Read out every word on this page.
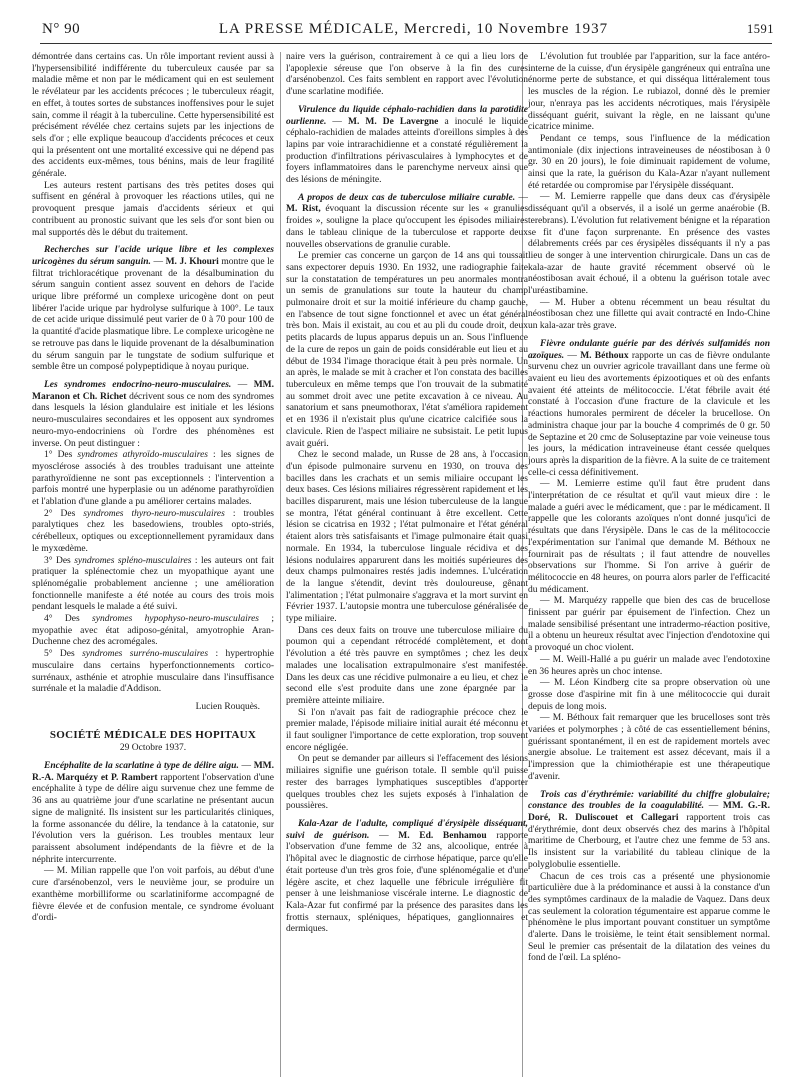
N° 90	LA PRESSE MÉDICALE, Mercredi, 10 Novembre 1937	1591

démontrée dans certains cas. Un rôle important revient aussi à l'hypersensibilité indifférente du tuberculeux causée par sa maladie même et non par le médicament qui en est seulement le révélateur par les accidents précoces ; le tuberculeux réagit, en effet, à toutes sortes de substances inoffensives pour le sujet sain, comme il réagit à la tuberculine. Cette hypersensibilité est précisément révélée chez certains sujets par les injections de sels d'or ; elle explique beaucoup d'accidents précoces et ceux qui la présentent ont une mortalité excessive qui ne dépend pas des accidents eux-mêmes, tous bénins, mais de leur fragilité générale.

Les auteurs restent partisans des très petites doses qui suffisent en général à provoquer les réactions utiles, qui ne provoquent presque jamais d'accidents sérieux et qui contribuent au pronostic suivant que les sels d'or sont bien ou mal supportés dès le début du traitement.

Recherches sur l'acide urique libre et les complexes uricogènes du sérum sanguin. — M. J. Khouri montre que le filtrat trichloracétique provenant de la désalbumination du sérum sanguin contient assez souvent en dehors de l'acide urique libre préformé un complexe uricogène dont on peut libérer l'acide urique par hydrolyse sulfurique à 100°. Le taux de cet acide urique dissimulé peut varier de 0 à 70 pour 100 de la quantité d'acide plasmatique libre. Le complexe uricogène ne se retrouve pas dans le liquide provenant de la désalbumination du sérum sanguin par le tungstate de sodium sulfurique et semble être un composé polypeptidique à noyau purique.

Les syndromes endocrino-neuro-musculaires. — MM. Maranon et Ch. Richet décrivent sous ce nom des syndromes dans lesquels la lésion glandulaire est initiale et les lésions neuro-musculaires secondaires et les opposent aux syndromes neuro-myo-endocriniens où l'ordre des phénomènes est inverse. On peut distinguer :

1° Des syndromes athyroïdo-musculaires : les signes de myosclérose associés à des troubles traduisant une atteinte parathyroïdienne ne sont pas exceptionnels : l'intervention a parfois montré une hyperplasie ou un adénome parathyroïdien et l'ablation d'une glande a pu améliorer certains malades.

2° Des syndromes thyro-neuro-musculaires : troubles paralytiques chez les basedowiens, troubles opto-striés, cérébelleux, optiques ou exceptionnellement pyramidaux dans le myxœdème.

3° Des syndromes spléno-musculaires : les auteurs ont fait pratiquer la splénectomie chez un myopathique ayant une splénomégalie probablement ancienne ; une amélioration fonctionnelle manifeste a été notée au cours des trois mois pendant lesquels le malade a été suivi.

4° Des syndromes hypophyso-neuro-musculaires ; myopathie avec état adiposo-génital, amyotrophie Aran-Duchenne chez des acromégales.

5° Des syndromes surréno-musculaires : hypertrophie musculaire dans certains hyperfonctionnements cortico-surrénaux, asthénie et atrophie musculaire dans l'insuffisance surrénale et la maladie d'Addison.

Lucien Rouquès.

SOCIÉTÉ MÉDICALE DES HOPITAUX
29 Octobre 1937.

Encéphalite de la scarlatine à type de délire aigu. — MM. R.-A. Marquézy et P. Rambert rapportent l'observation d'une encéphalite à type de délire aigu survenue chez une femme de 36 ans au quatrième jour d'une scarlatine ne présentant aucun signe de malignité. Ils insistent sur les particularités cliniques, la forme assonancée du délire, la tendance à la catatonie, sur l'évolution vers la guérison. Les troubles mentaux leur paraissent absolument indépendants de la fièvre et de la néphrite intercurrente.

— M. Milian rappelle que l'on voit parfois, au début d'une cure d'arsénobenzol, vers le neuvième jour, se produire un exanthème morbilliforme ou scarlatiniforme accompagné de fièvre élevée et de confusion mentale, ce syndrome évoluant d'ordi-

naire vers la guérison, contrairement à ce qui a lieu lors de l'apoplexie séreuse que l'on observe à la fin des cures d'arsénobenzol. Ces faits semblent en rapport avec l'évolution d'une scarlatine modifiée.

Virulence du liquide céphalo-rachidien dans la parotidite ourlienne. — M. M. De Lavergne a inoculé le liquide céphalo-rachidien de malades atteints d'oreillons simples à des lapins par voie intrarachidienne et a constaté régulièrement la production d'infiltrations périvasculaires à lymphocytes et de foyers inflammatoires dans le parenchyme nerveux ainsi que des lésions de méningite.

A propos de deux cas de tuberculose miliaire curable. — M. Rist, évoquant la discussion récente sur les « granulies froides », souligne la place qu'occupent les épisodes miliaires dans le tableau clinique de la tuberculose et rapporte deux nouvelles observations de granulie curable.

Le premier cas concerne un garçon de 14 ans qui toussait sans expectorer depuis 1930. En 1932, une radiographie faite sur la constatation de températures un peu anormales montra un semis de granulations sur toute la hauteur du champ pulmonaire droit et sur la moitié inférieure du champ gauche, en l'absence de tout signe fonctionnel et avec un état général très bon. Mais il existait, au cou et au pli du coude droit, deux petits placards de lupus apparus depuis un an. Sous l'influence de la cure de repos un gain de poids considérable eut lieu et au début de 1934 l'image thoracique était à peu près normale. Un an après, le malade se mit à cracher et l'on constata des bacilles tuberculeux en même temps que l'on trouvait de la submatité au sommet droit avec une petite excavation à ce niveau. Au sanatorium et sans pneumothorax, l'état s'améliora rapidement et en 1936 il n'existait plus qu'une cicatrice calcifiée sous la clavicule. Rien de l'aspect miliaire ne subsistait. Le petit lupus avait guéri.

Chez le second malade, un Russe de 28 ans, à l'occasion d'un épisode pulmonaire survenu en 1930, on trouva des bacilles dans les crachats et un semis miliaire occupant les deux bases. Ces lésions miliaires régressèrent rapidement et les bacilles disparurent, mais une lésion tuberculeuse de la langue se montra, l'état général continuant à être excellent. Cette lésion se cicatrisa en 1932 ; l'état pulmonaire et l'état général étaient alors très satisfaisants et l'image pulmonaire était quasi normale. En 1934, la tuberculose linguale récidiva et des lésions nodulaires apparurent dans les moitiés supérieures des deux champs pulmonaires restés jadis indemnes. L'ulcération de la langue s'étendit, devint très douloureuse, gênant l'alimentation ; l'état pulmonaire s'aggrava et la mort survint en Février 1937. L'autopsie montra une tuberculose généralisée de type miliaire.

Dans ces deux faits on trouve une tuberculose miliaire du poumon qui a cependant rétrocédé complètement, et dont l'évolution a été très pauvre en symptômes ; chez les deux malades une localisation extrapulmonaire s'est manifestée. Dans les deux cas une récidive pulmonaire a eu lieu, et chez le second elle s'est produite dans une zone épargnée par la première atteinte miliaire.

Si l'on n'avait pas fait de radiographie précoce chez le premier malade, l'épisode miliaire initial aurait été méconnu et il faut souligner l'importance de cette exploration, trop souvent encore négligée.

On peut se demander par ailleurs si l'effacement des lésions miliaires signifie une guérison totale. Il semble qu'il puisse rester des barrages lymphatiques susceptibles d'apporter quelques troubles chez les sujets exposés à l'inhalation de poussières.

Kala-Azar de l'adulte, compliqué d'érysipèle disséquant, suivi de guérison. — M. Ed. Benhamou rapporte l'observation d'une femme de 32 ans, alcoolique, entrée à l'hôpital avec le diagnostic de cirrhose hépatique, parce qu'elle était porteuse d'un très gros foie, d'une splénomégalie et d'une légère ascite, et chez laquelle une fébricule irrégulière fit penser à une leishmaniose viscérale interne. Le diagnostic de Kala-Azar fut confirmé par la présence des parasites dans les frottis sternaux, spléniques, hépatiques, ganglionnaires et dermiques.

L'évolution fut troublée par l'apparition, sur la face antéro-interne de la cuisse, d'un érysipèle gangréneux qui entraîna une énorme perte de substance, et qui disséqua littéralement tous les muscles de la région. Le rubiazol, donné dès le premier jour, n'enraya pas les accidents nécrotiques, mais l'érysipèle disséquant guérit, suivant la règle, en ne laissant qu'une cicatrice minime.

Pendant ce temps, sous l'influence de la médication antimoniale (dix injections intraveineuses de néostibosan à 0 gr. 30 en 20 jours), le foie diminuait rapidement de volume, ainsi que la rate, la guérison du Kala-Azar n'ayant nullement été retardée ou compromise par l'érysipèle disséquant.

— M. Lemierre rappelle que dans deux cas d'érysipèle disséquant qu'il a observés, il a isolé un germe anaérobie (B. terebrans). L'évolution fut relativement bénigne et la réparation se fit d'une façon surprenante. En présence des vastes délabrements créés par ces érysipèles disséquants il n'y a pas lieu de songer à une intervention chirurgicale. Dans un cas de kala-azar de haute gravité récemment observé où le néostibosan avait échoué, il a obtenu la guérison totale avec l'uréastibamine.

— M. Huber a obtenu récemment un beau résultat du néostibosan chez une fillette qui avait contracté en Indo-Chine un kala-azar très grave.

Fièvre ondulante guérie par des dérivés sulfamidés non azoïques. — M. Béthoux rapporte un cas de fièvre ondulante survenu chez un ouvrier agricole travaillant dans une ferme où avaient eu lieu des avortements épizootiques et où des enfants avaient été atteints de mélitococcie. L'état fébrile avait été constaté à l'occasion d'une fracture de la clavicule et les réactions humorales permirent de déceler la brucellose. On administra chaque jour par la bouche 4 comprimés de 0 gr. 50 de Septazine et 20 cmc de Soluseptazine par voie veineuse tous les jours, la médication intraveineuse étant cessée quelques jours après la disparition de la fièvre. A la suite de ce traitement celle-ci cessa définitivement.

— M. Lemierre estime qu'il faut être prudent dans l'interprétation de ce résultat et qu'il vaut mieux dire : le malade a guéri avec le médicament, que : par le médicament. Il rappelle que les colorants azoïques n'ont donné jusqu'ici de résultats que dans l'érysipèle. Dans le cas de la mélitococcie l'expérimentation sur l'animal que demande M. Béthoux ne fournirait pas de résultats ; il faut attendre de nouvelles observations sur l'homme. Si l'on arrive à guérir de mélitococcie en 48 heures, on pourra alors parler de l'efficacité du médicament.

— M. Marquézy rappelle que bien des cas de brucellose finissent par guérir par épuisement de l'infection. Chez un malade sensibilisé présentant une intradermo-réaction positive, il a obtenu un heureux résultat avec l'injection d'endotoxine qui a provoqué un choc violent.

— M. Weill-Hallé a pu guérir un malade avec l'endotoxine en 36 heures après un choc intense.

— M. Léon Kindberg cite sa propre observation où une grosse dose d'aspirine mit fin à une mélitococcie qui durait depuis de long mois.

— M. Béthoux fait remarquer que les brucelloses sont très variées et polymorphes ; à côté de cas essentiellement bénins, guérissant spontanément, il en est de rapidement mortels avec anergie absolue. Le traitement est assez décevant, mais il a l'impression que la chimiothérapie est une thérapeutique d'avenir.

Trois cas d'érythrémie: variabilité du chiffre globulaire; constance des troubles de la coagulabilité. — MM. G.-R. Doré, R. Duliscouet et Callegari rapportent trois cas d'érythrémie, dont deux observés chez des marins à l'hôpital maritime de Cherbourg, et l'autre chez une femme de 53 ans. Ils insistent sur la variabilité du tableau clinique de la polyglobulie essentielle.

Chacun de ces trois cas a présenté une physionomie particulière due à la prédominance et aussi à la constance d'un des symptômes cardinaux de la maladie de Vaquez. Dans deux cas seulement la coloration tégumentaire est apparue comme le phénomène le plus important pouvant constituer un symptôme d'alerte. Dans le troisième, le teint était sensiblement normal. Seul le premier cas présentait de la dilatation des veines du fond de l'œil. La spléno-
